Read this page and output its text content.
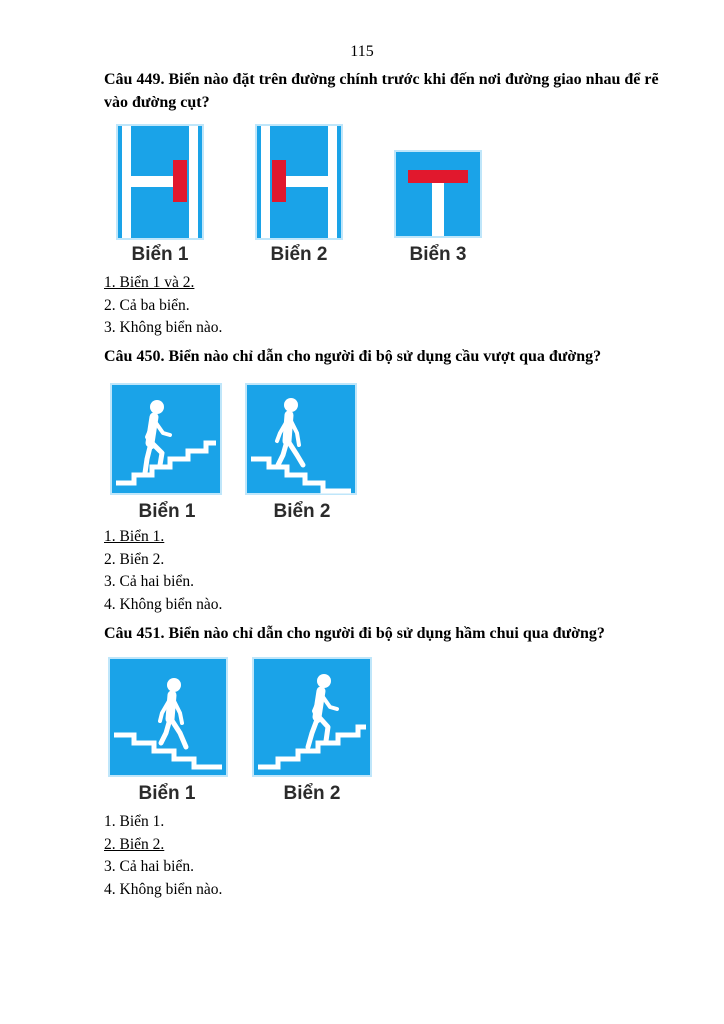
115

Câu 449. Biển nào đặt trên đường chính trước khi đến nơi đường giao nhau để rẽ vào đường cụt?

Biển 1	Biển 2	Biển 3
1. Biển 1 và 2.
2. Cả ba biển.
3. Không biển nào.

Câu 450. Biển nào chỉ dẫn cho người đi bộ sử dụng cầu vượt qua đường?

Biển 1	Biển 2
1. Biển 1.
2. Biển 2.
3. Cả hai biển.
4. Không biển nào.

Câu 451. Biển nào chỉ dẫn cho người đi bộ sử dụng hầm chui qua đường?

Biển 1	Biển 2
1. Biển 1.
2. Biển 2.
3. Cả hai biển.
4. Không biển nào.
